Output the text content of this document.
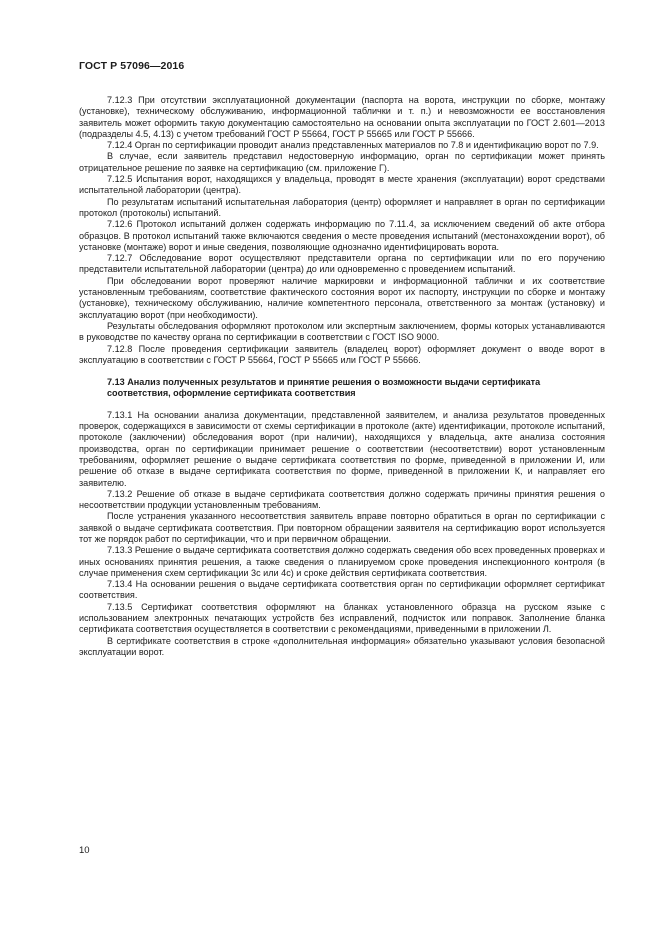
ГОСТ Р 57096—2016

7.12.3 При отсутствии эксплуатационной документации (паспорта на ворота, инструкции по сборке, монтажу (установке), техническому обслуживанию, информационной таблички и т. п.) и невозможности ее восстановления заявитель может оформить такую документацию самостоятельно на основании опыта эксплуатации по ГОСТ 2.601—2013 (подразделы 4.5, 4.13) с учетом требований ГОСТ Р 55664, ГОСТ Р 55665 или ГОСТ Р 55666.

7.12.4 Орган по сертификации проводит анализ представленных материалов по 7.8 и идентификацию ворот по 7.9.

В случае, если заявитель представил недостоверную информацию, орган по сертификации может принять отрицательное решение по заявке на сертификацию (см. приложение Г).

7.12.5 Испытания ворот, находящихся у владельца, проводят в месте хранения (эксплуатации) ворот средствами испытательной лаборатории (центра).

По результатам испытаний испытательная лаборатория (центр) оформляет и направляет в орган по сертификации протокол (протоколы) испытаний.

7.12.6 Протокол испытаний должен содержать информацию по 7.11.4, за исключением сведений об акте отбора образцов. В протокол испытаний также включаются сведения о месте проведения испытаний (местонахождении ворот), об установке (монтаже) ворот и иные сведения, позволяющие однозначно идентифицировать ворота.

7.12.7 Обследование ворот осуществляют представители органа по сертификации или по его поручению представители испытательной лаборатории (центра) до или одновременно с проведением испытаний.

При обследовании ворот проверяют наличие маркировки и информационной таблички и их соответствие установленным требованиям, соответствие фактического состояния ворот их паспорту, инструкции по сборке и монтажу (установке), техническому обслуживанию, наличие компетентного персонала, ответственного за монтаж (установку) и эксплуатацию ворот (при необходимости).

Результаты обследования оформляют протоколом или экспертным заключением, формы которых устанавливаются в руководстве по качеству органа по сертификации в соответствии с ГОСТ ISO 9000.

7.12.8 После проведения сертификации заявитель (владелец ворот) оформляет документ о вводе ворот в эксплуатацию в соответствии с ГОСТ Р 55664, ГОСТ Р 55665 или ГОСТ Р 55666.

7.13 Анализ полученных результатов и принятие решения о возможности выдачи сертификата соответствия, оформление сертификата соответствия

7.13.1 На основании анализа документации, представленной заявителем, и анализа результатов проведенных проверок, содержащихся в зависимости от схемы сертификации в протоколе (акте) идентификации, протоколе испытаний, протоколе (заключении) обследования ворот (при наличии), находящихся у владельца, акте анализа состояния производства, орган по сертификации принимает решение о соответствии (несоответствии) ворот установленным требованиям, оформляет решение о выдаче сертификата соответствия по форме, приведенной в приложении И, или решение об отказе в выдаче сертификата соответствия по форме, приведенной в приложении К, и направляет его заявителю.

7.13.2 Решение об отказе в выдаче сертификата соответствия должно содержать причины принятия решения о несоответствии продукции установленным требованиям.

После устранения указанного несоответствия заявитель вправе повторно обратиться в орган по сертификации с заявкой о выдаче сертификата соответствия. При повторном обращении заявителя на сертификацию ворот используется тот же порядок работ по сертификации, что и при первичном обращении.

7.13.3 Решение о выдаче сертификата соответствия должно содержать сведения обо всех проведенных проверках и иных основаниях принятия решения, а также сведения о планируемом сроке проведения инспекционного контроля (в случае применения схем сертификации 3с или 4с) и сроке действия сертификата соответствия.

7.13.4 На основании решения о выдаче сертификата соответствия орган по сертификации оформляет сертификат соответствия.

7.13.5 Сертификат соответствия оформляют на бланках установленного образца на русском языке с использованием электронных печатающих устройств без исправлений, подчисток или поправок. Заполнение бланка сертификата соответствия осуществляется в соответствии с рекомендациями, приведенными в приложении Л.

В сертификате соответствия в строке «дополнительная информация» обязательно указывают условия безопасной эксплуатации ворот.

10
